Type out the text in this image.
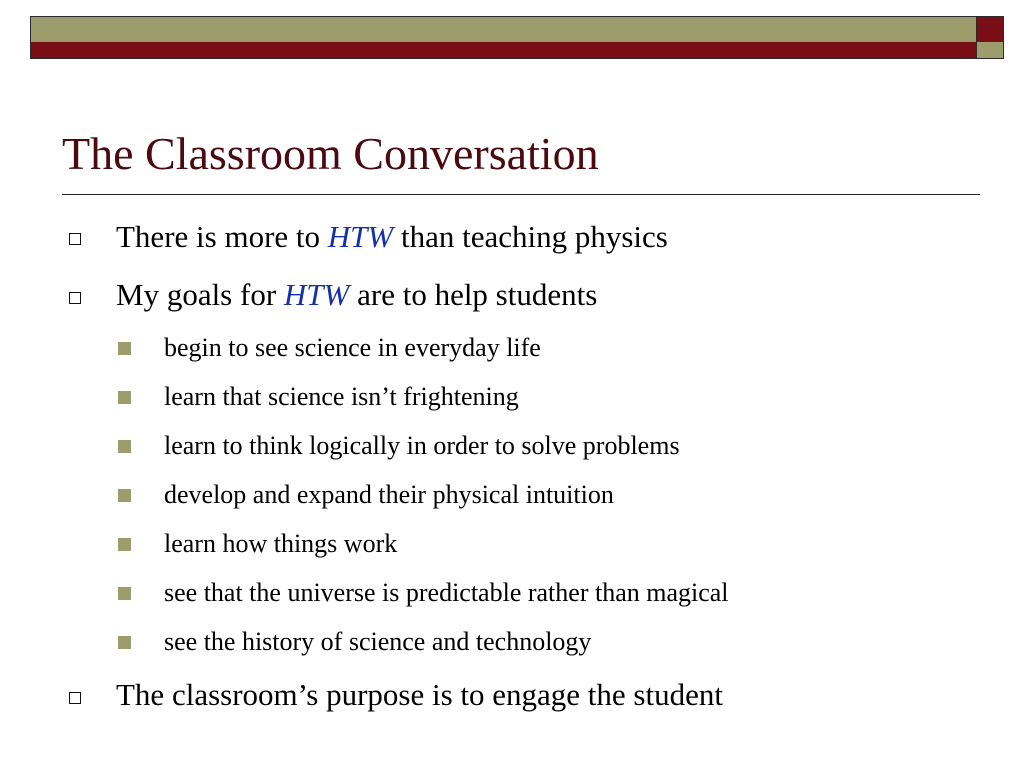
The Classroom Conversation
There is more to HTW than teaching physics
My goals for HTW are to help students
begin to see science in everyday life
learn that science isn’t frightening
learn to think logically in order to solve problems
develop and expand their physical intuition
learn how things work
see that the universe is predictable rather than magical
see the history of science and technology
The classroom’s purpose is to engage the student
